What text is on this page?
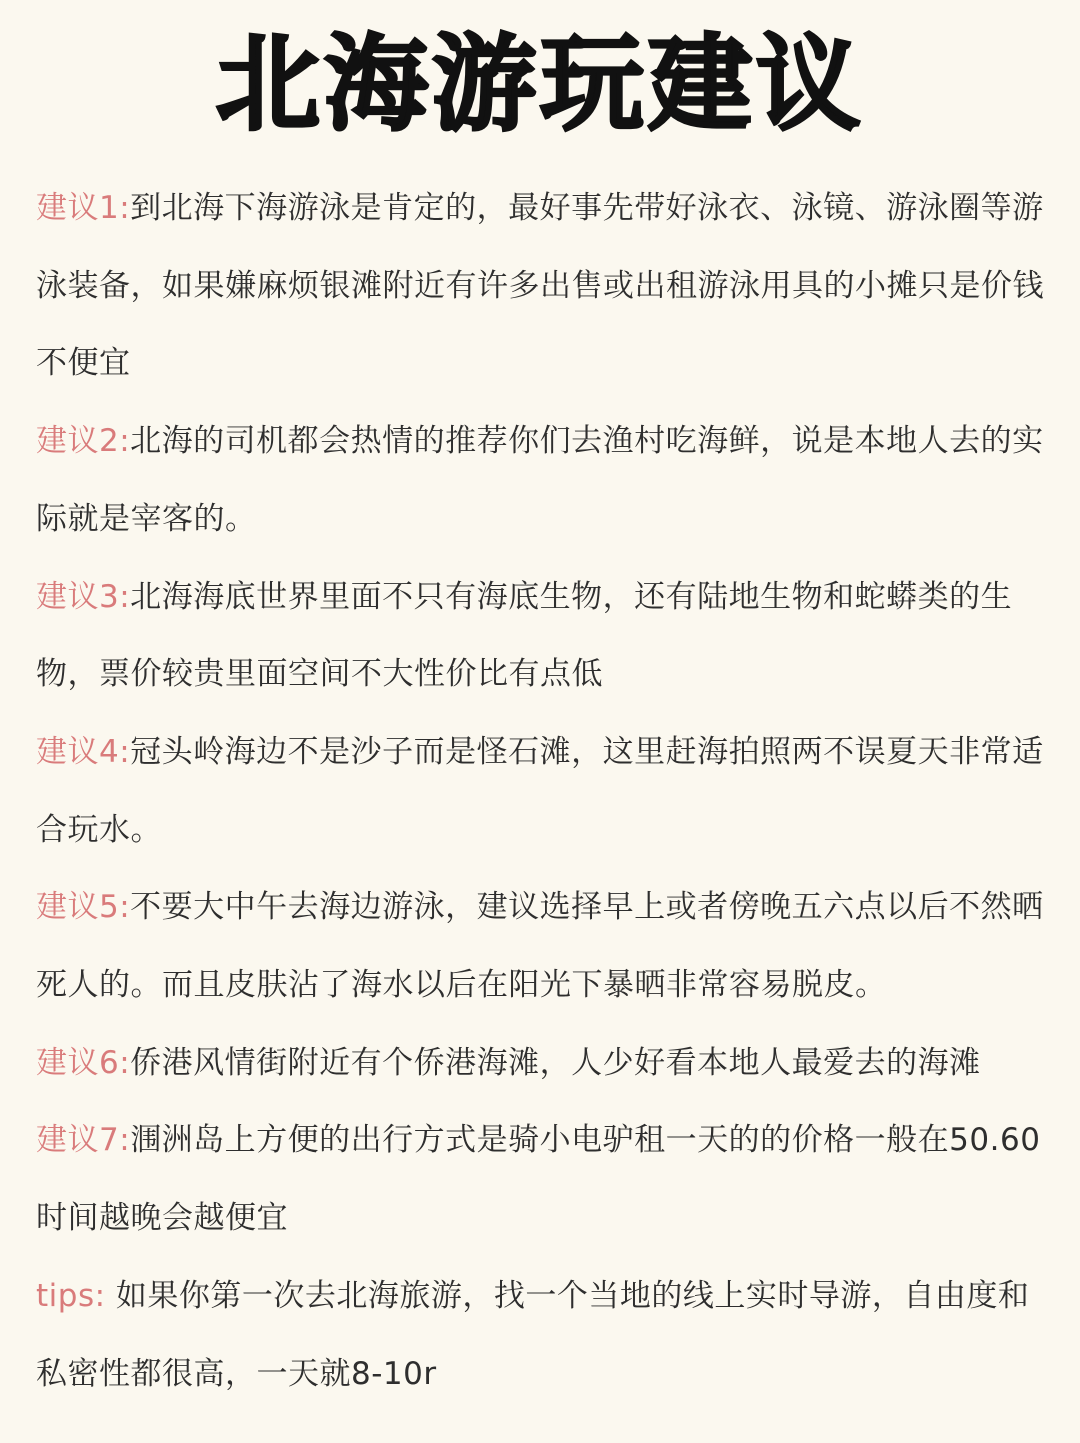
北海游玩建议

建议1:到北海下海游泳是肯定的，最好事先带好泳衣、泳镜、游泳圈等游泳装备，如果嫌麻烦银滩附近有许多出售或出租游泳用具的小摊只是价钱不便宜

建议2:北海的司机都会热情的推荐你们去渔村吃海鲜，说是本地人去的实际就是宰客的。

建议3:北海海底世界里面不只有海底生物，还有陆地生物和蛇蟒类的生物，票价较贵里面空间不大性价比有点低

建议4:冠头岭海边不是沙子而是怪石滩，这里赶海拍照两不误夏天非常适合玩水。

建议5:不要大中午去海边游泳，建议选择早上或者傍晚五六点以后不然晒死人的。而且皮肤沾了海水以后在阳光下暴晒非常容易脱皮。

建议6:侨港风情街附近有个侨港海滩，人少好看本地人最爱去的海滩

建议7:涠洲岛上方便的出行方式是骑小电驴租一天的的价格一般在50.60时间越晚会越便宜

tips: 如果你第一次去北海旅游，找一个当地的线上实时导游，自由度和私密性都很高，一天就8-10r
